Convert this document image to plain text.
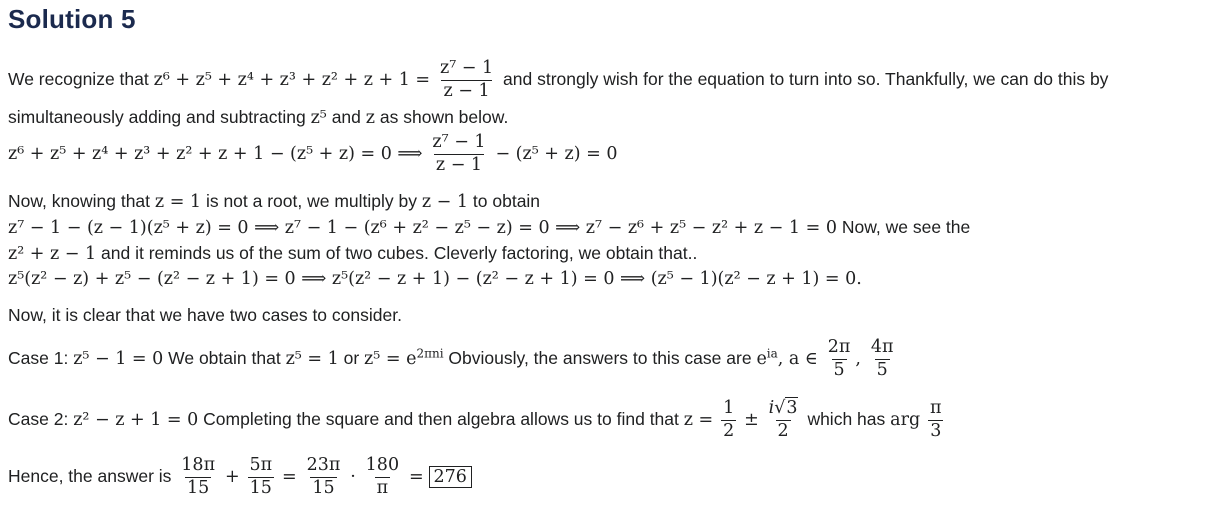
Solution 5
We recognize that $z^6 + z^5 + z^4 + z^3 + z^2 + z + 1 = \frac{\text{z⁷ − 1}}{z - 1}$ and strongly wish for the equation to turn into so. Thankfully, we can do this by
simultaneously adding and subtracting z⁵ and z as shown below.
z⁶ + z⁵ + z⁴ + z³ + z² + z + 1 − (z⁵ + z) = 0 ⟹ $\frac{\text{z⁷ − 1}}{z - 1} - (z^5 + z) = 0$
Now, knowing that z = 1 is not a root, we multiply by z − 1 to obtain
z⁷ − 1 − (z − 1)(z⁵ + z) = 0 ⟹ z⁷ − 1 − (z⁶ + z² − z⁵ − z) = 0 ⟹ z⁷ − z⁶ + z⁵ − z² + z − 1 = 0 Now, we see the
z² + z − 1 and it reminds us of the sum of two cubes. Cleverly factoring, we obtain that..
z⁵(z² − z) + z⁵ − (z² − z + 1) = 0 ⟹ z⁵(z² − z + 1) − (z² − z + 1) = 0 ⟹ (z⁵ − 1)(z² − z + 1) = 0.
Now, it is clear that we have two cases to consider.
Case 1: z⁵ − 1 = 0 We obtain that z⁵ = 1 or $z^5 = e^{2\pi ni}$ Obviously, the answers to this case are $e^{ia}$, a ∈ $\frac{2\pi}{5}$ , $\frac{4\pi}{5}$
Case 2: z² − z + 1 = 0 Completing the square and then algebra allows us to find that $z = \frac{1}{2} \pm \frac{i√3}{2}$ which has arg $\frac{\pi}{3}$
Hence, the answer is $\frac{18\pi}{15} + \frac{5\pi}{15} = \frac{23\pi}{15} \cdot \frac{180}{\pi} = 276$
